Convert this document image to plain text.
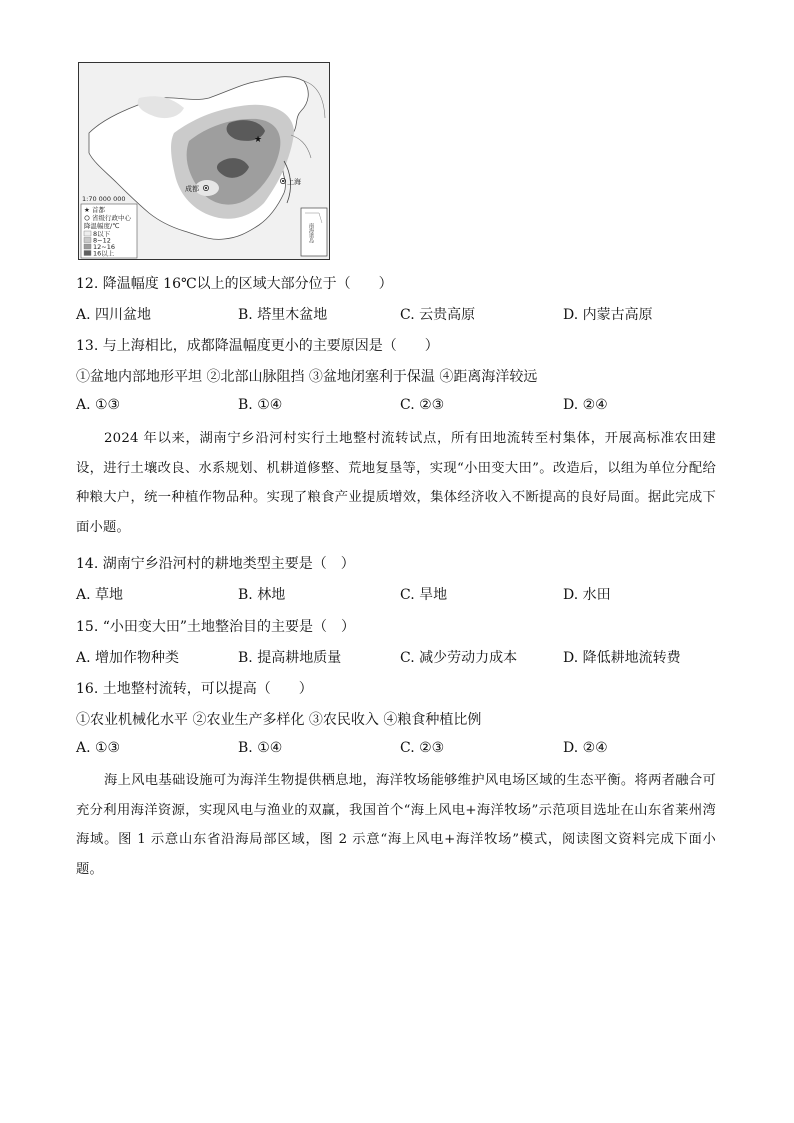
★
成都
上海
南海诸岛
1:70 000 000
★ 首都
省级行政中心
降温幅度/℃
8以下
8~12
12~16
16以上
12. 降温幅度 16℃以上的区域大部分位于（　　）
A. 四川盆地	B. 塔里木盆地	C. 云贵高原	D. 内蒙古高原
13. 与上海相比，成都降温幅度更小的主要原因是（　　）
①盆地内部地形平坦 ②北部山脉阻挡 ③盆地闭塞利于保温 ④距离海洋较远
A. ①③	B. ①④	C. ②③	D. ②④
2024 年以来，湖南宁乡沿河村实行土地整村流转试点，所有田地流转至村集体，开展高标准农田建设，进行土壤改良、水系规划、机耕道修整、荒地复垦等，实现“小田变大田”。改造后，以组为单位分配给种粮大户，统一种植作物品种。实现了粮食产业提质增效，集体经济收入不断提高的良好局面。据此完成下面小题。
14. 湖南宁乡沿河村的耕地类型主要是（　）
A. 草地	B. 林地	C. 旱地	D. 水田
15. “小田变大田”土地整治目的主要是（　）
A. 增加作物种类	B. 提高耕地质量	C. 减少劳动力成本	D. 降低耕地流转费
16. 土地整村流转，可以提高（　　）
①农业机械化水平 ②农业生产多样化 ③农民收入 ④粮食种植比例
A. ①③	B. ①④	C. ②③	D. ②④
海上风电基础设施可为海洋生物提供栖息地，海洋牧场能够维护风电场区域的生态平衡。将两者融合可充分利用海洋资源，实现风电与渔业的双赢，我国首个“海上风电+海洋牧场”示范项目选址在山东省莱州湾海域。图 1 示意山东省沿海局部区域，图 2 示意“海上风电+海洋牧场”模式，阅读图文资料完成下面小题。
